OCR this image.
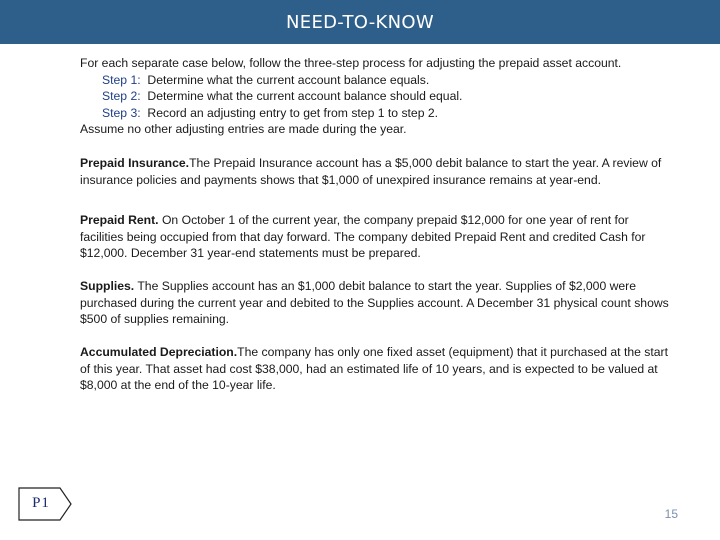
NEED-TO-KNOW

For each separate case below, follow the three-step process for adjusting the prepaid asset account.

Step 1: Determine what the current account balance equals.

Step 2: Determine what the current account balance should equal.

Step 3: Record an adjusting entry to get from step 1 to step 2.

Assume no other adjusting entries are made during the year.

Prepaid Insurance.The Prepaid Insurance account has a $5,000 debit balance to start the year. A review of insurance policies and payments shows that $1,000 of unexpired insurance remains at year-end.

Prepaid Rent. On October 1 of the current year, the company prepaid $12,000 for one year of rent for facilities being occupied from that day forward. The company debited Prepaid Rent and credited Cash for $12,000. December 31 year-end statements must be prepared.

Supplies. The Supplies account has an $1,000 debit balance to start the year. Supplies of $2,000 were purchased during the current year and debited to the Supplies account. A December 31 physical count shows $500 of supplies remaining.

Accumulated Depreciation.The company has only one fixed asset (equipment) that it purchased at the start of this year. That asset had cost $38,000, had an estimated life of 10 years, and is expected to be valued at $8,000 at the end of the 10-year life.

P1
15
